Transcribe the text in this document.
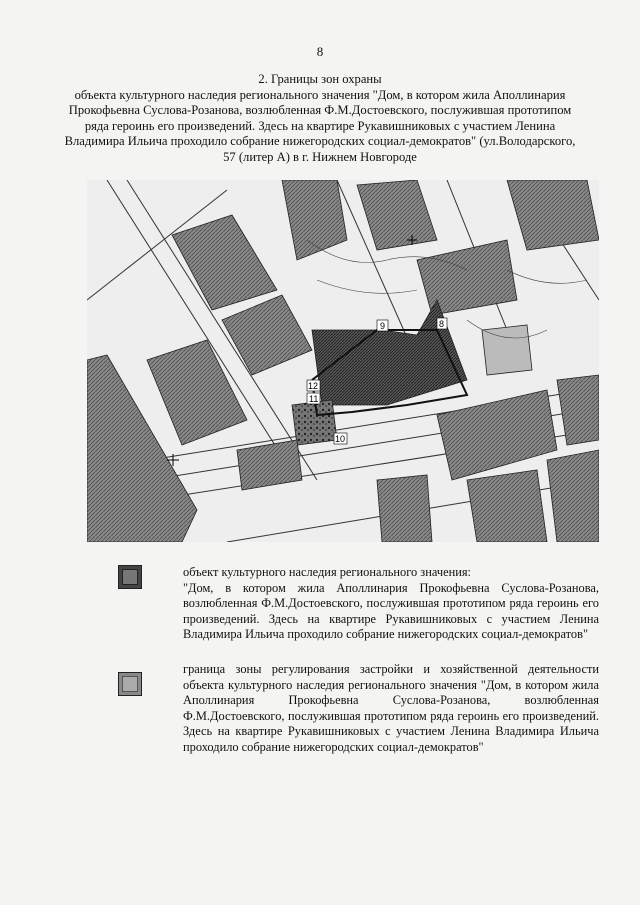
8
2. Границы зон охраны
объекта культурного наследия регионального значения "Дом, в котором жила Аполлинария Прокофьевна Суслова-Розанова, возлюбленная Ф.М.Достоевского, послужившая прототипом ряда героинь его произведений. Здесь на квартире Рукавишниковых с участием Ленина Владимира Ильича проходило собрание нижегородских социал-демократов" (ул.Володарского, 57 (литер А) в г. Нижнем Новгороде
9	8
12
11
10
объект культурного наследия регионального значения:
"Дом, в котором жила Аполлинария Прокофьевна Суслова-Розанова, возлюбленная Ф.М.Достоевского, послужившая прототипом ряда героинь его произведений. Здесь на квартире Рукавишниковых с участием Ленина Владимира Ильича проходило собрание нижегородских социал-демократов"
граница зоны регулирования застройки и хозяйственной деятельности объекта культурного наследия регионального значения "Дом, в котором жила Аполлинария Прокофьевна Суслова-Розанова, возлюбленная Ф.М.Достоевского, послужившая прототипом ряда героинь его произведений. Здесь на квартире Рукавишниковых с участием Ленина Владимира Ильича проходило собрание нижегородских социал-демократов"
